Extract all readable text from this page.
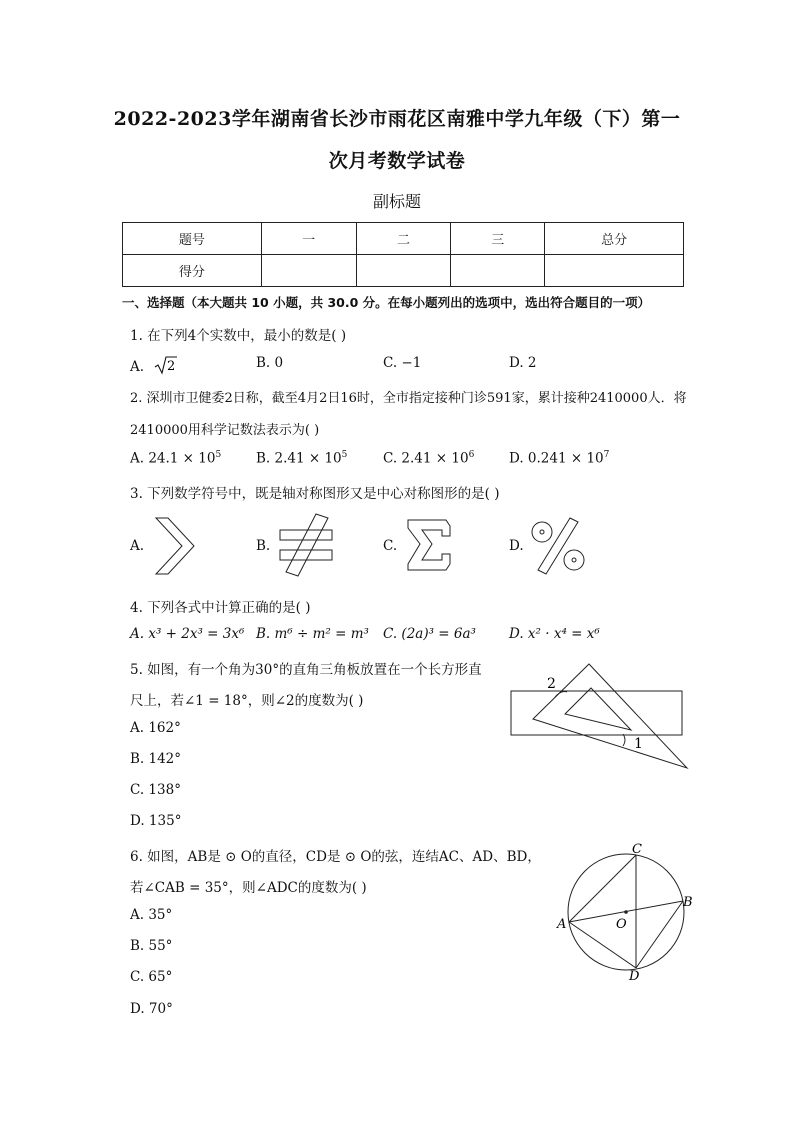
2022-2023学年湖南省长沙市雨花区南雅中学九年级（下）第一
次月考数学试卷
副标题
题号	一	二	三	总分
得分				
一、选择题（本大题共 10 小题，共 30.0 分。在每小题列出的选项中，选出符合题目的一项）
1. 在下列4个实数中，最小的数是( )
A. 2	B. 0	C. −1	D. 2
2. 深圳市卫健委2日称，截至4月2日16时，全市指定接种门诊591家，累计接种2410000人．将
2410000用科学记数法表示为( )
A. $24.1 \times 10^5$	B. $2.41 \times 10^5$	C. $2.41 \times 10^6$	D. $0.241 \times 10^7$
3. 下列数学符号中，既是轴对称图形又是中心对称图形的是( )
A.	B.	C.	D.
4. 下列各式中计算正确的是( )
A. x³ + 2x³ = 3x⁶ B. m⁶ ÷ m² = m³ C. (2a)³ = 6a³ D. x² · x⁴ = x⁶
5. 如图，有一个角为30°的直角三角板放置在一个长方形直
尺上，若∠1 = 18°，则∠2的度数为( )
A. 162°
B. 142°
C. 138°
D. 135°
2
1
6. 如图，AB是 ⊙ O的直径，CD是 ⊙ O的弦，连结AC、AD、BD，
若∠CAB = 35°，则∠ADC的度数为( )
A. 35°
B. 55°
C. 65°
D. 70°
C
B
A
D
O
